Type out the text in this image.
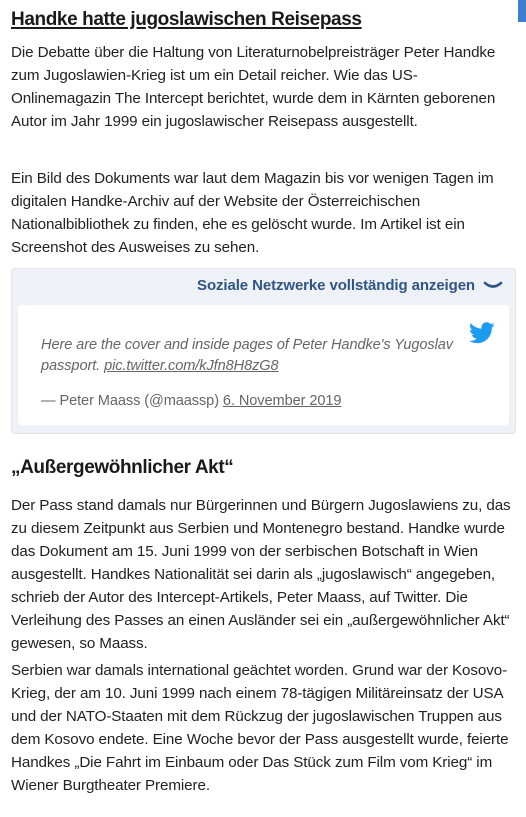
Handke hatte jugoslawischen Reisepass

Die Debatte über die Haltung von Literaturnobelpreisträger Peter Handke zum Jugoslawien-Krieg ist um ein Detail reicher. Wie das US-Onlinemagazin The Intercept berichtet, wurde dem in Kärnten geborenen Autor im Jahr 1999 ein jugoslawischer Reisepass ausgestellt.

Ein Bild des Dokuments war laut dem Magazin bis vor wenigen Tagen im digitalen Handke-Archiv auf der Website der Österreichischen Nationalbibliothek zu finden, ehe es gelöscht wurde. Im Artikel ist ein Screenshot des Ausweises zu sehen.

Soziale Netzwerke vollständig anzeigen
Here are the cover and inside pages of Peter Handke's Yugoslav passport. pic.twitter.com/kJfn8H8zG8
— Peter Maass (@maassp) 6. November 2019
„Außergewöhnlicher Akt“

Der Pass stand damals nur Bürgerinnen und Bürgern Jugoslawiens zu, das zu diesem Zeitpunkt aus Serbien und Montenegro bestand. Handke wurde das Dokument am 15. Juni 1999 von der serbischen Botschaft in Wien ausgestellt. Handkes Nationalität sei darin als „jugoslawisch“ angegeben, schrieb der Autor des Intercept-Artikels, Peter Maass, auf Twitter. Die Verleihung des Passes an einen Ausländer sei ein „außergewöhnlicher Akt“ gewesen, so Maass.

Serbien war damals international geächtet worden. Grund war der Kosovo-Krieg, der am 10. Juni 1999 nach einem 78-tägigen Militäreinsatz der USA und der NATO-Staaten mit dem Rückzug der jugoslawischen Truppen aus dem Kosovo endete. Eine Woche bevor der Pass ausgestellt wurde, feierte Handkes „Die Fahrt im Einbaum oder Das Stück zum Film vom Krieg“ im Wiener Burgtheater Premiere.
